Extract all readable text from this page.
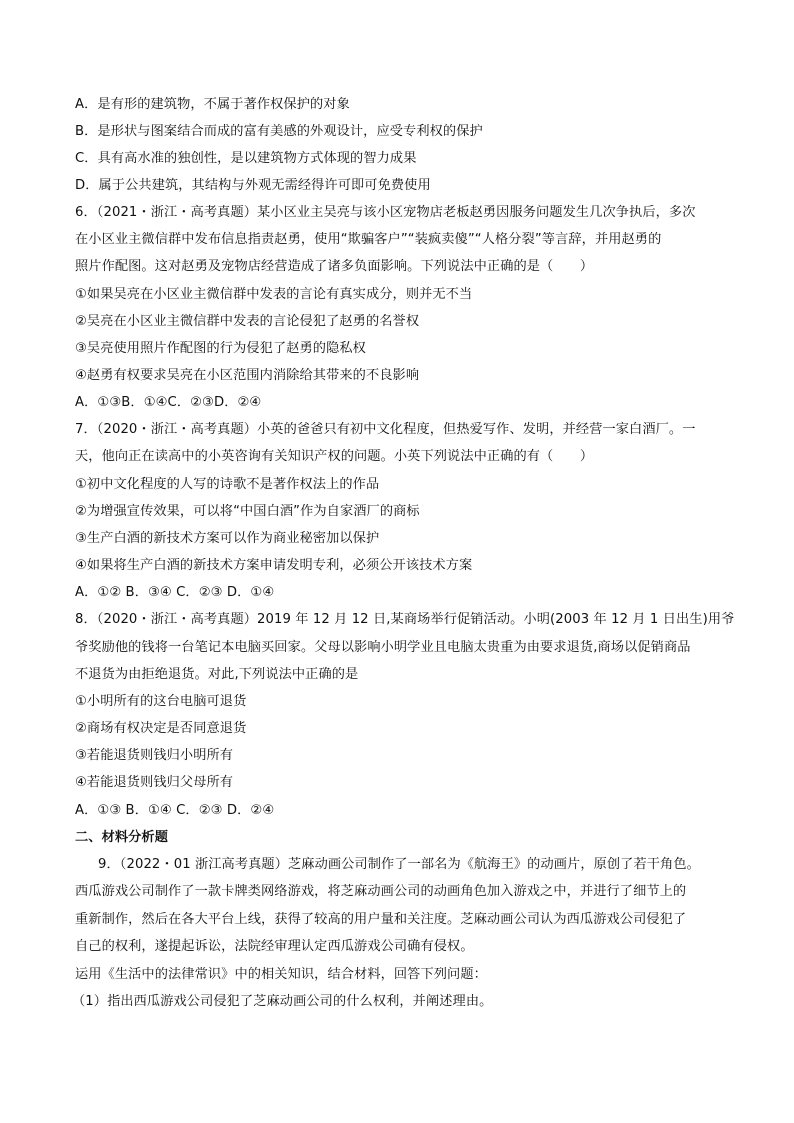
A．是有形的建筑物，不属于著作权保护的对象
B．是形状与图案结合而成的富有美感的外观设计，应受专利权的保护
C．具有高水准的独创性，是以建筑物方式体现的智力成果
D．属于公共建筑，其结构与外观无需经得许可即可免费使用
6．（2021・浙江・高考真题）某小区业主吴亮与该小区宠物店老板赵勇因服务问题发生几次争执后，多次
在小区业主微信群中发布信息指责赵勇，使用“欺骗客户”“装疯卖傻”“人格分裂”等言辞，并用赵勇的
照片作配图。这对赵勇及宠物店经营造成了诸多负面影响。下列说法中正确的是（　　）
①如果吴亮在小区业主微信群中发表的言论有真实成分，则并无不当
②吴亮在小区业主微信群中发表的言论侵犯了赵勇的名誉权
③吴亮使用照片作配图的行为侵犯了赵勇的隐私权
④赵勇有权要求吴亮在小区范围内消除给其带来的不良影响
A．①③B．①④C．②③D．②④
7．（2020・浙江・高考真题）小英的爸爸只有初中文化程度，但热爱写作、发明，并经营一家白酒厂。一
天，他向正在读高中的小英咨询有关知识产权的问题。小英下列说法中正确的有（　　）
①初中文化程度的人写的诗歌不是著作权法上的作品
②为增强宣传效果，可以将“中国白酒”作为自家酒厂的商标
③生产白酒的新技术方案可以作为商业秘密加以保护
④如果将生产白酒的新技术方案申请发明专利，必须公开该技术方案
A．①② B．③④ C．②③ D．①④
8．（2020・浙江・高考真题）2019 年 12 月 12 日,某商场举行促销活动。小明(2003 年 12 月 1 日出生)用爷
爷奖励他的钱将一台笔记本电脑买回家。父母以影响小明学业且电脑太贵重为由要求退货,商场以促销商品
不退货为由拒绝退货。对此,下列说法中正确的是
①小明所有的这台电脑可退货
②商场有权决定是否同意退货
③若能退货则钱归小明所有
④若能退货则钱归父母所有
A．①③ B．①④ C．②③ D．②④
二、材料分析题
9．（2022・01 浙江高考真题）芝麻动画公司制作了一部名为《航海王》的动画片，原创了若干角色。
西瓜游戏公司制作了一款卡牌类网络游戏，将芝麻动画公司的动画角色加入游戏之中，并进行了细节上的
重新制作，然后在各大平台上线，获得了较高的用户量和关注度。芝麻动画公司认为西瓜游戏公司侵犯了
自己的权利，遂提起诉讼，法院经审理认定西瓜游戏公司确有侵权。
运用《生活中的法律常识》中的相关知识，结合材料，回答下列问题：
（1）指出西瓜游戏公司侵犯了芝麻动画公司的什么权利，并阐述理由。
